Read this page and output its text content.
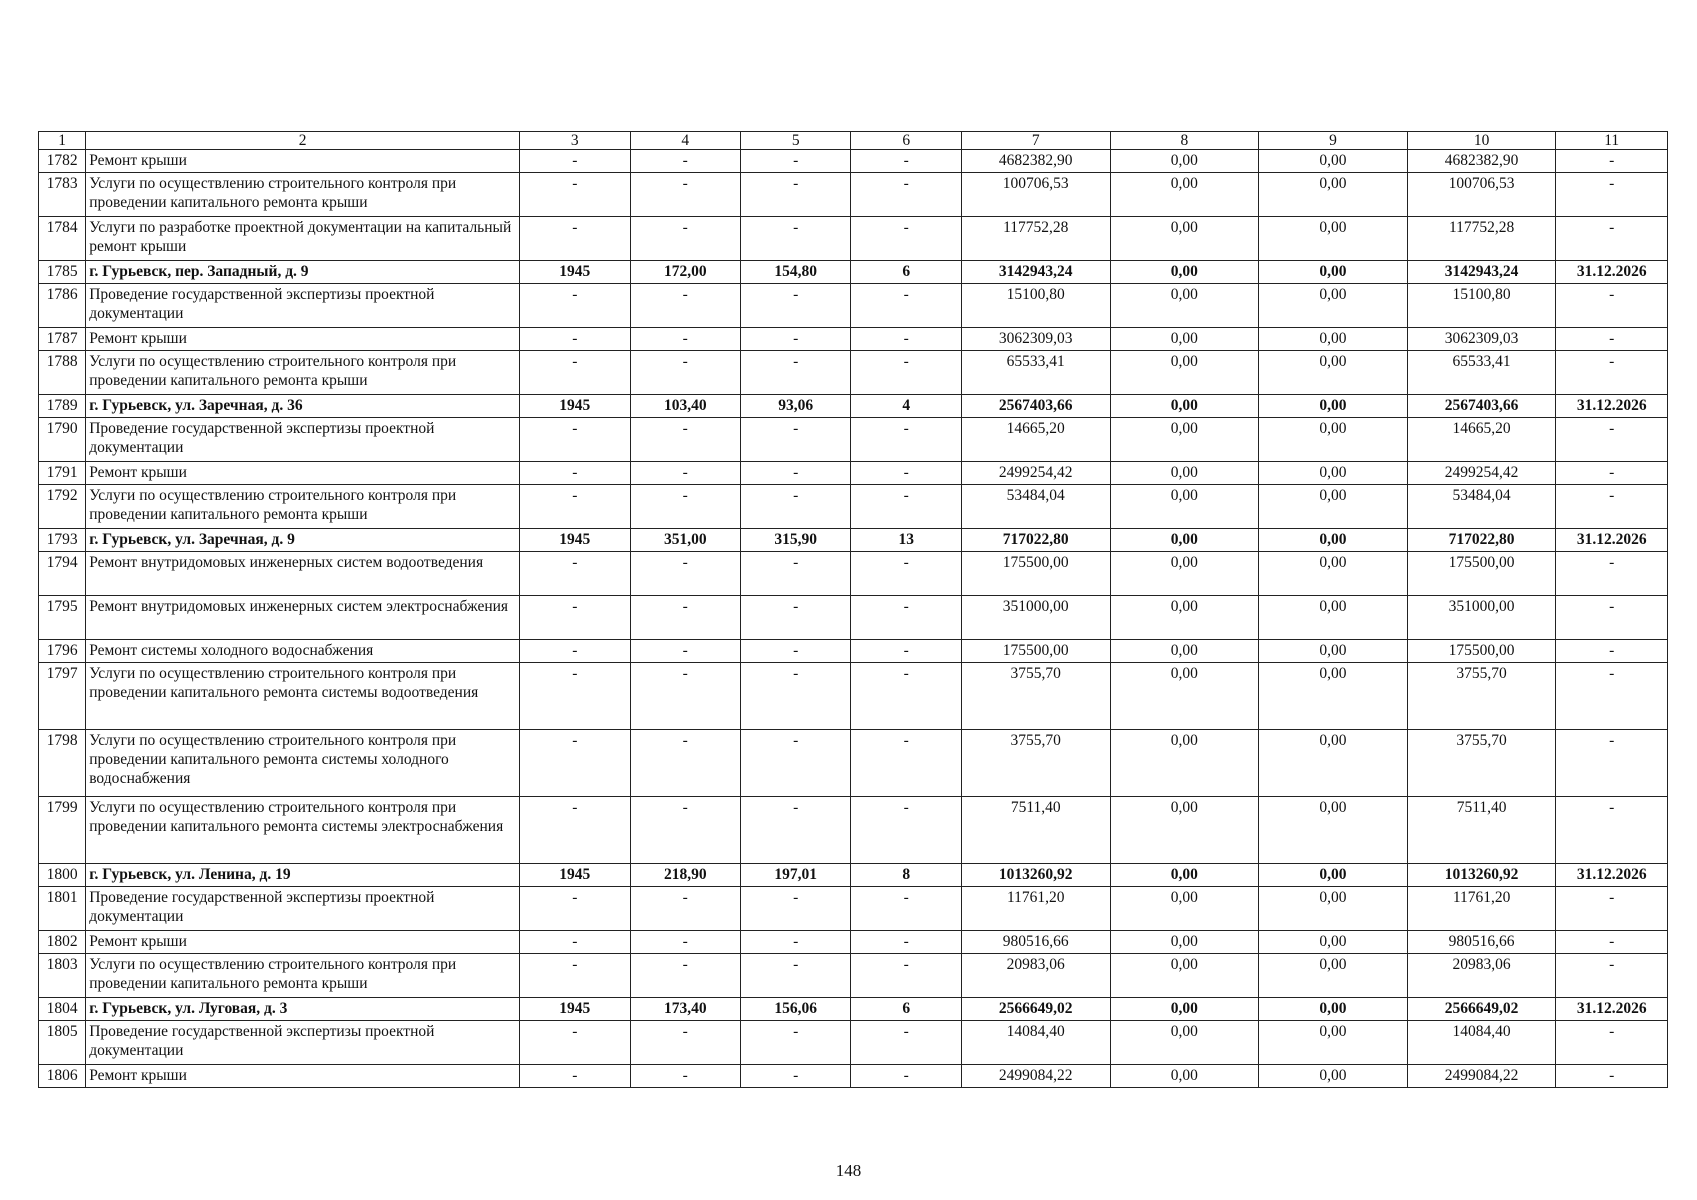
1	2	3	4	5	6	7	8	9	10	11
1782	Ремонт крыши	-	-	-	-	4682382,90	0,00	0,00	4682382,90	-
1783	Услуги по осуществлению строительного контроля при проведении капитального ремонта крыши	-	-	-	-	100706,53	0,00	0,00	100706,53	-
1784	Услуги по разработке проектной документации на капитальный ремонт крыши	-	-	-	-	117752,28	0,00	0,00	117752,28	-
1785	г. Гурьевск, пер. Западный, д. 9	1945	172,00	154,80	6	3142943,24	0,00	0,00	3142943,24	31.12.2026
1786	Проведение государственной экспертизы проектной документации	-	-	-	-	15100,80	0,00	0,00	15100,80	-
1787	Ремонт крыши	-	-	-	-	3062309,03	0,00	0,00	3062309,03	-
1788	Услуги по осуществлению строительного контроля при проведении капитального ремонта крыши	-	-	-	-	65533,41	0,00	0,00	65533,41	-
1789	г. Гурьевск, ул. Заречная, д. 36	1945	103,40	93,06	4	2567403,66	0,00	0,00	2567403,66	31.12.2026
1790	Проведение государственной экспертизы проектной документации	-	-	-	-	14665,20	0,00	0,00	14665,20	-
1791	Ремонт крыши	-	-	-	-	2499254,42	0,00	0,00	2499254,42	-
1792	Услуги по осуществлению строительного контроля при проведении капитального ремонта крыши	-	-	-	-	53484,04	0,00	0,00	53484,04	-
1793	г. Гурьевск, ул. Заречная, д. 9	1945	351,00	315,90	13	717022,80	0,00	0,00	717022,80	31.12.2026
1794	Ремонт внутридомовых инженерных систем водоотведения	-	-	-	-	175500,00	0,00	0,00	175500,00	-
1795	Ремонт внутридомовых инженерных систем электроснабжения	-	-	-	-	351000,00	0,00	0,00	351000,00	-
1796	Ремонт системы холодного водоснабжения	-	-	-	-	175500,00	0,00	0,00	175500,00	-
1797	Услуги по осуществлению строительного контроля при проведении капитального ремонта системы водоотведения	-	-	-	-	3755,70	0,00	0,00	3755,70	-
1798	Услуги по осуществлению строительного контроля при проведении капитального ремонта системы холодного водоснабжения	-	-	-	-	3755,70	0,00	0,00	3755,70	-
1799	Услуги по осуществлению строительного контроля при проведении капитального ремонта системы электроснабжения	-	-	-	-	7511,40	0,00	0,00	7511,40	-
1800	г. Гурьевск, ул. Ленина, д. 19	1945	218,90	197,01	8	1013260,92	0,00	0,00	1013260,92	31.12.2026
1801	Проведение государственной экспертизы проектной документации	-	-	-	-	11761,20	0,00	0,00	11761,20	-
1802	Ремонт крыши	-	-	-	-	980516,66	0,00	0,00	980516,66	-
1803	Услуги по осуществлению строительного контроля при проведении капитального ремонта крыши	-	-	-	-	20983,06	0,00	0,00	20983,06	-
1804	г. Гурьевск, ул. Луговая, д. 3	1945	173,40	156,06	6	2566649,02	0,00	0,00	2566649,02	31.12.2026
1805	Проведение государственной экспертизы проектной документации	-	-	-	-	14084,40	0,00	0,00	14084,40	-
1806	Ремонт крыши	-	-	-	-	2499084,22	0,00	0,00	2499084,22	-
148
